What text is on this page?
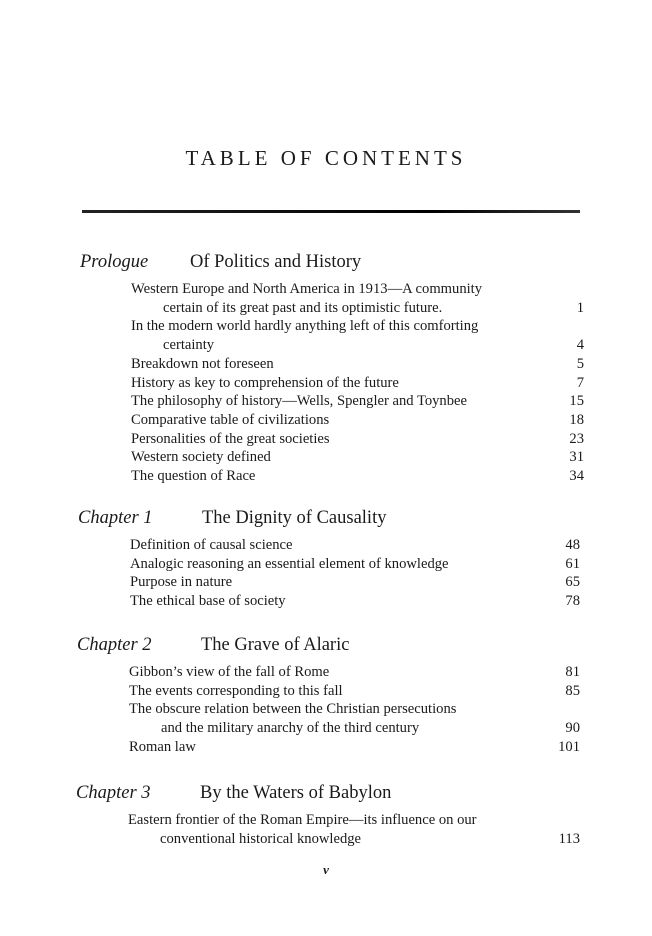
TABLE OF CONTENTS
Prologue Of Politics and History
Western Europe and North America in 1913—A community
certain of its great past and its optimistic future.	1
In the modern world hardly anything left of this comforting
certainty	4
Breakdown not foreseen	5
History as key to comprehension of the future	7
The philosophy of history—Wells, Spengler and Toynbee	15
Comparative table of civilizations	18
Personalities of the great societies	23
Western society defined	31
The question of Race	34
Chapter 1	The Dignity of Causality
Definition of causal science	48
Analogic reasoning an essential element of knowledge	61
Purpose in nature	65
The ethical base of society	78
Chapter 2	The Grave of Alaric
Gibbon’s view of the fall of Rome	81
The events corresponding to this fall	85
The obscure relation between the Christian persecutions
and the military anarchy of the third century	90
Roman law	101
Chapter 3	By the Waters of Babylon
Eastern frontier of the Roman Empire—its influence on our
conventional historical knowledge	113
v
